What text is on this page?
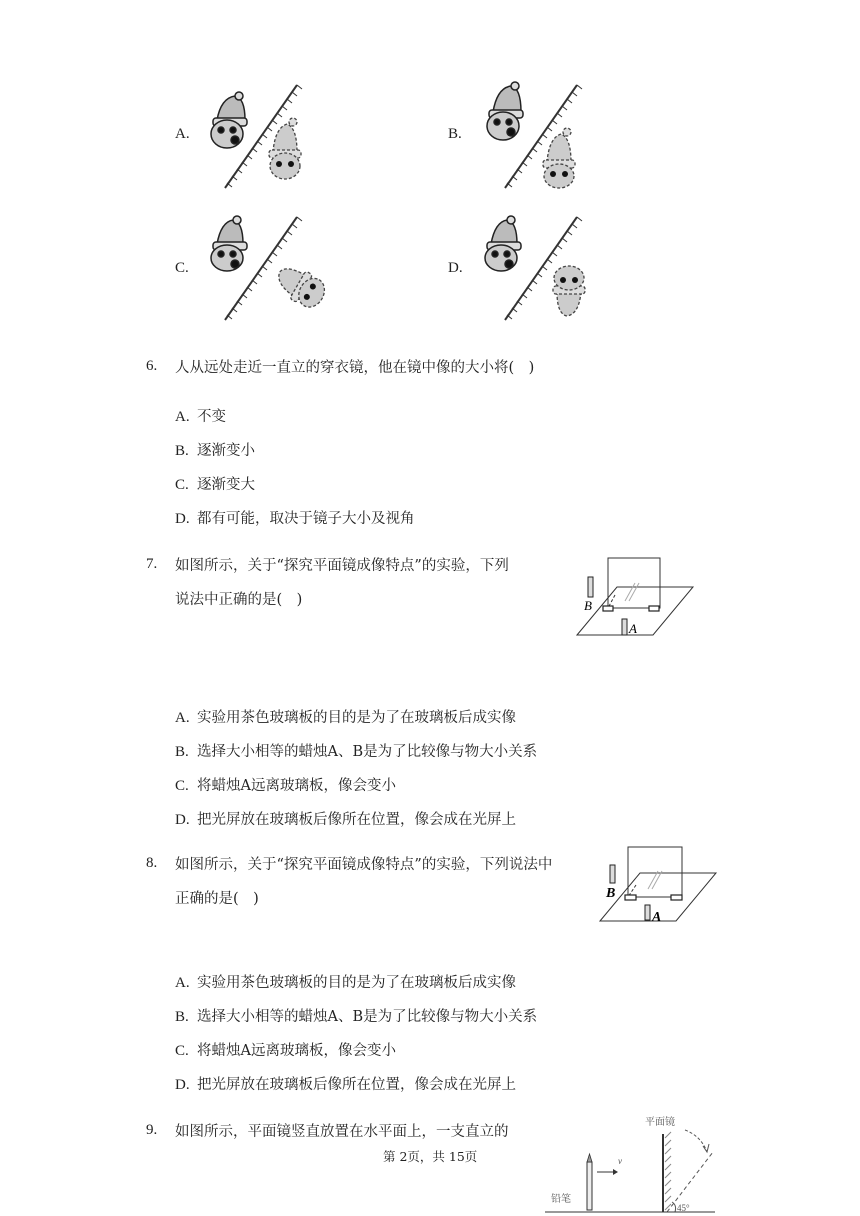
A.	B.
C.	D.
6. 人从远处走近一直立的穿衣镜，他在镜中像的大小将(　)
A. 不变
B. 逐渐变小
C. 逐渐变大
D. 都有可能，取决于镜子大小及视角
7. 如图所示，关于“探究平面镜成像特点”的实验，下列
说法中正确的是(　)	B
A
A. 实验用茶色玻璃板的目的是为了在玻璃板后成实像
B. 选择大小相等的蜡烛A、B是为了比较像与物大小关系
C. 将蜡烛A远离玻璃板，像会变小
D. 把光屏放在玻璃板后像所在位置，像会成在光屏上
8. 如图所示，关于“探究平面镜成像特点”的实验，下列说法中
正确的是(　)	B
A
A. 实验用茶色玻璃板的目的是为了在玻璃板后成实像
B. 选择大小相等的蜡烛A、B是为了比较像与物大小关系
C. 将蜡烛A远离玻璃板，像会变小
D. 把光屏放在玻璃板后像所在位置，像会成在光屏上
9. 如图所示，平面镜竖直放置在水平面上，一支直立的
平面镜
45°
v
铅笔
第 2页，共 15页
